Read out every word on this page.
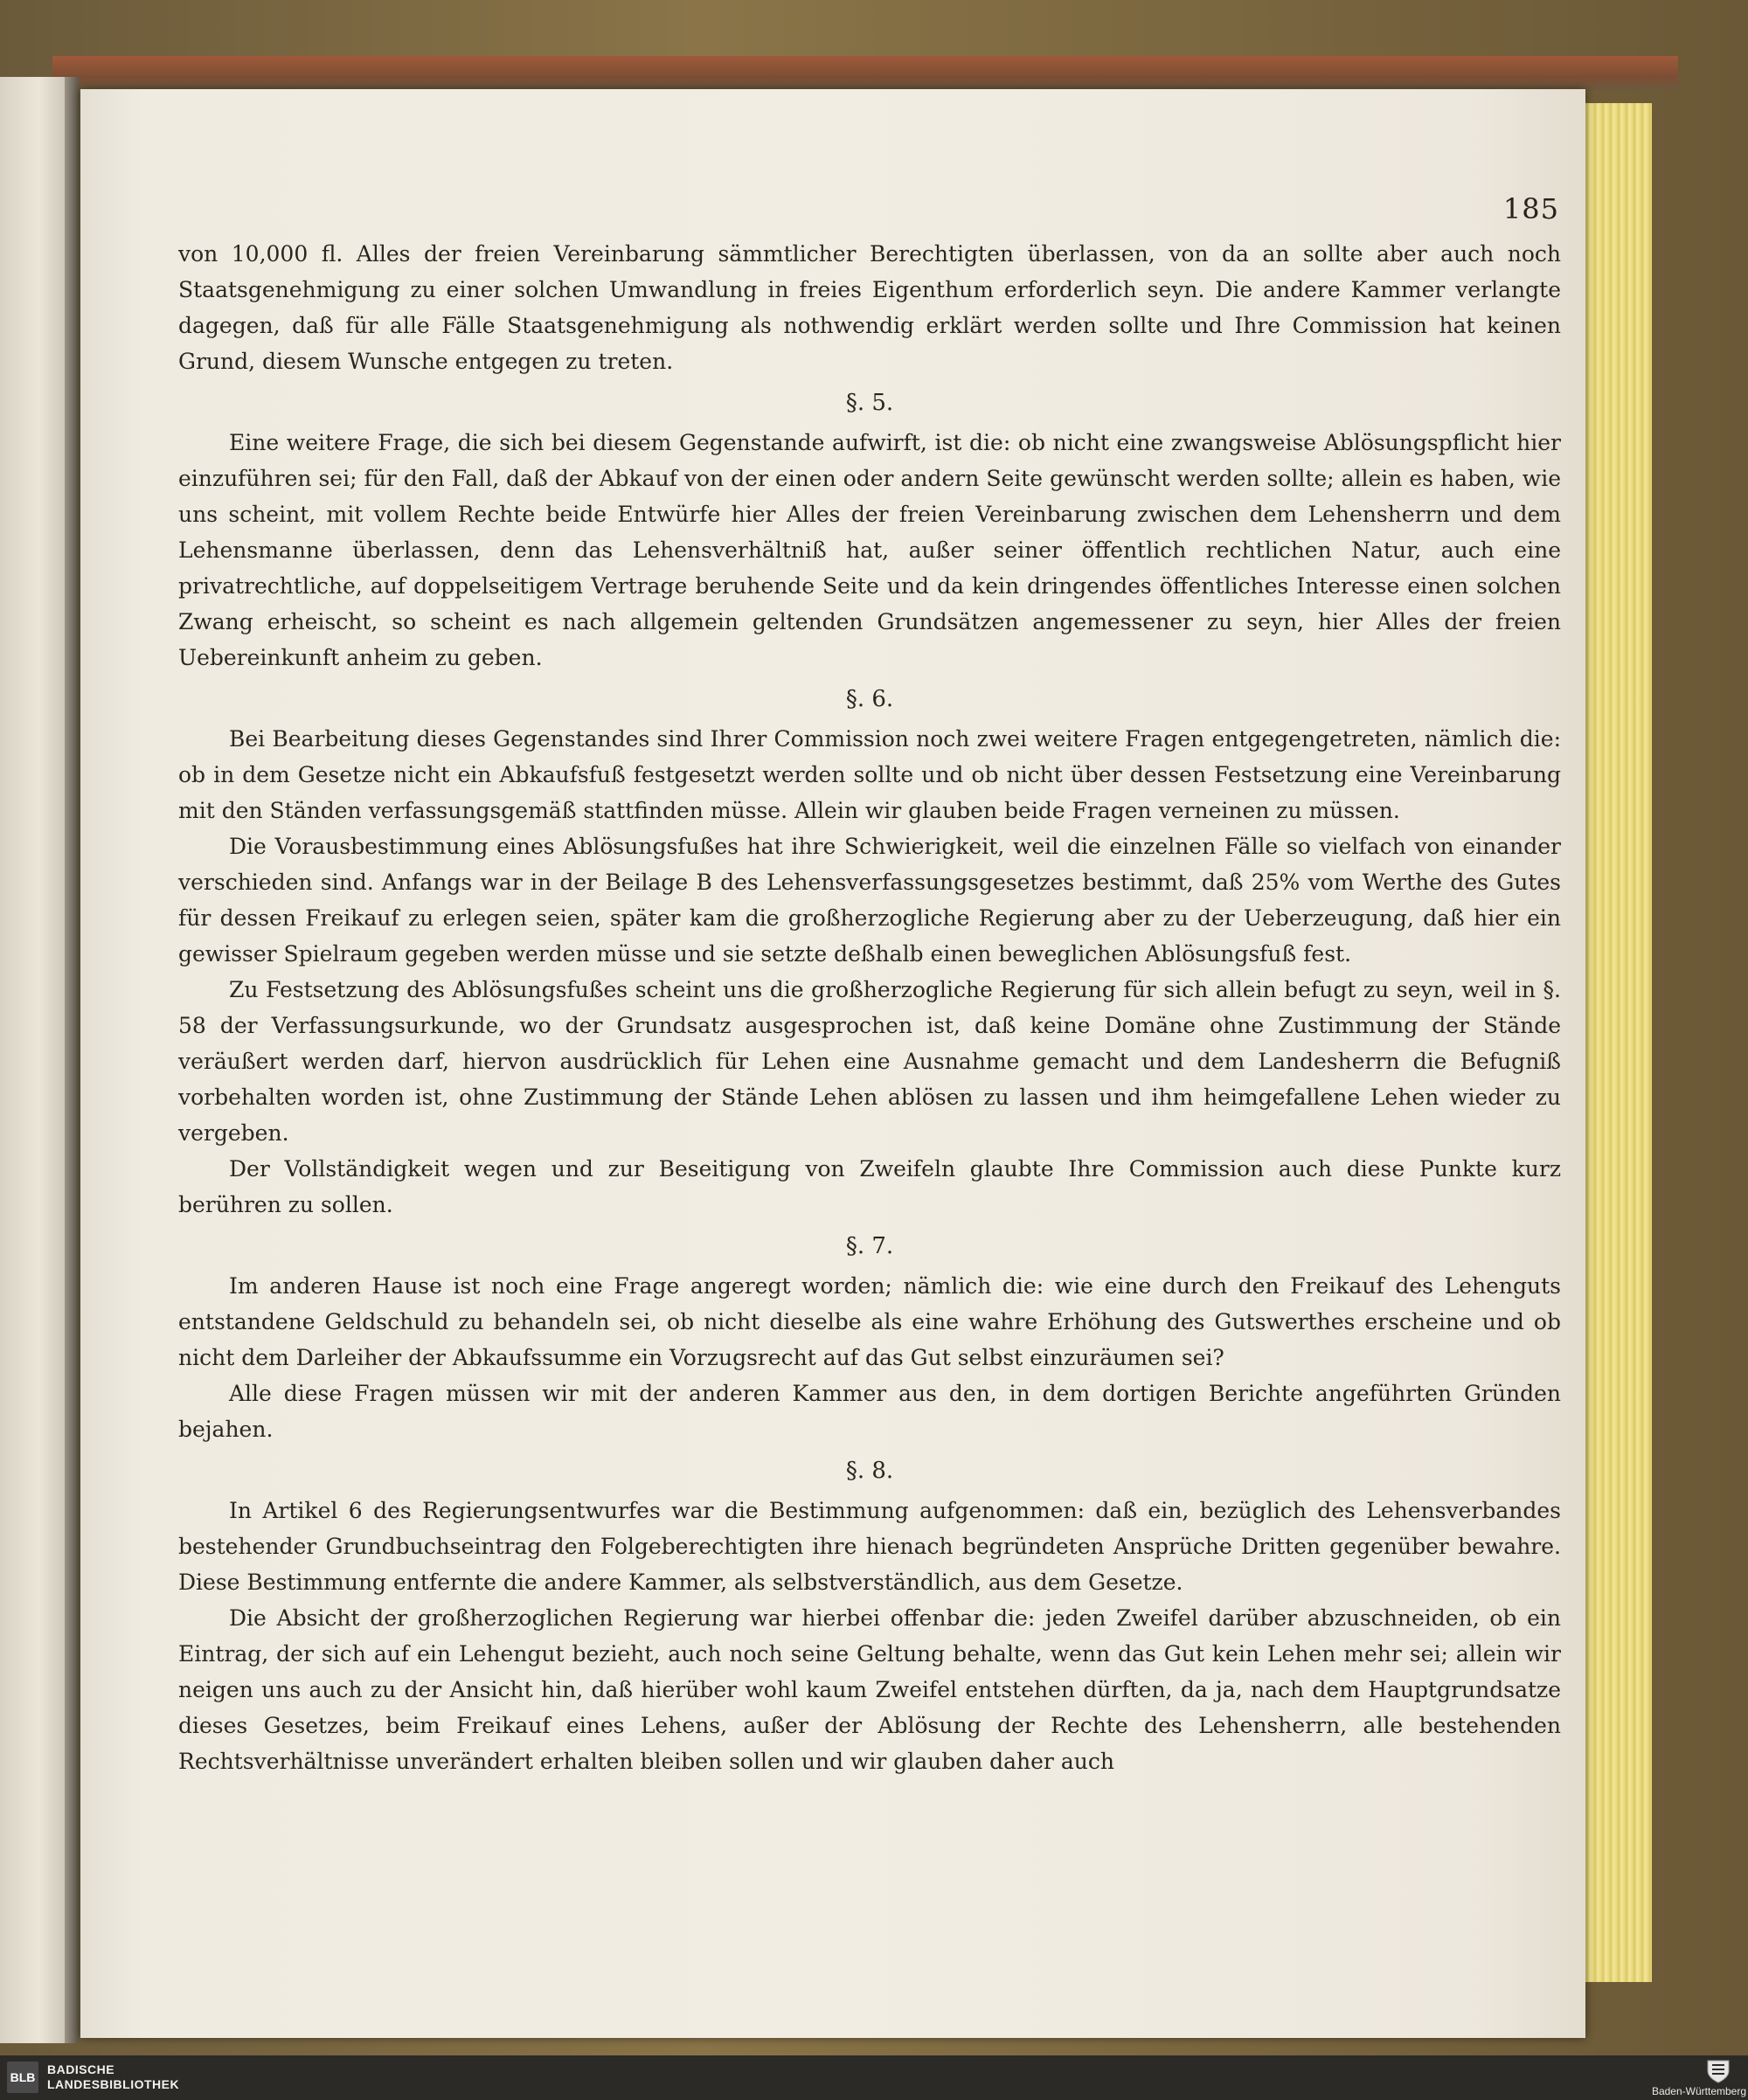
185

von 10,000 fl. Alles der freien Vereinbarung sämmtlicher Berechtigten überlassen, von da an sollte aber auch noch Staatsgenehmigung zu einer solchen Umwandlung in freies Eigenthum erforderlich seyn. Die andere Kammer verlangte dagegen, daß für alle Fälle Staatsgenehmigung als nothwendig erklärt werden sollte und Ihre Commission hat keinen Grund, diesem Wunsche entgegen zu treten.

§. 5.

Eine weitere Frage, die sich bei diesem Gegenstande aufwirft, ist die: ob nicht eine zwangsweise Ablösungspflicht hier einzuführen sei; für den Fall, daß der Abkauf von der einen oder andern Seite gewünscht werden sollte; allein es haben, wie uns scheint, mit vollem Rechte beide Entwürfe hier Alles der freien Vereinbarung zwischen dem Lehensherrn und dem Lehensmanne überlassen, denn das Lehensverhältniß hat, außer seiner öffentlich rechtlichen Natur, auch eine privatrechtliche, auf doppelseitigem Vertrage beruhende Seite und da kein dringendes öffentliches Interesse einen solchen Zwang erheischt, so scheint es nach allgemein geltenden Grundsätzen angemessener zu seyn, hier Alles der freien Uebereinkunft anheim zu geben.

§. 6.

Bei Bearbeitung dieses Gegenstandes sind Ihrer Commission noch zwei weitere Fragen entgegengetreten, nämlich die: ob in dem Gesetze nicht ein Abkaufsfuß festgesetzt werden sollte und ob nicht über dessen Festsetzung eine Vereinbarung mit den Ständen verfassungsgemäß stattfinden müsse. Allein wir glauben beide Fragen verneinen zu müssen.

Die Vorausbestimmung eines Ablösungsfußes hat ihre Schwierigkeit, weil die einzelnen Fälle so vielfach von einander verschieden sind. Anfangs war in der Beilage B des Lehensverfassungsgesetzes bestimmt, daß 25% vom Werthe des Gutes für dessen Freikauf zu erlegen seien, später kam die großherzogliche Regierung aber zu der Ueberzeugung, daß hier ein gewisser Spielraum gegeben werden müsse und sie setzte deßhalb einen beweglichen Ablösungsfuß fest.

Zu Festsetzung des Ablösungsfußes scheint uns die großherzogliche Regierung für sich allein befugt zu seyn, weil in §. 58 der Verfassungsurkunde, wo der Grundsatz ausgesprochen ist, daß keine Domäne ohne Zustimmung der Stände veräußert werden darf, hiervon ausdrücklich für Lehen eine Ausnahme gemacht und dem Landesherrn die Befugniß vorbehalten worden ist, ohne Zustimmung der Stände Lehen ablösen zu lassen und ihm heimgefallene Lehen wieder zu vergeben.

Der Vollständigkeit wegen und zur Beseitigung von Zweifeln glaubte Ihre Commission auch diese Punkte kurz berühren zu sollen.

§. 7.

Im anderen Hause ist noch eine Frage angeregt worden; nämlich die: wie eine durch den Freikauf des Lehenguts entstandene Geldschuld zu behandeln sei, ob nicht dieselbe als eine wahre Erhöhung des Gutswerthes erscheine und ob nicht dem Darleiher der Abkaufssumme ein Vorzugsrecht auf das Gut selbst einzuräumen sei?

Alle diese Fragen müssen wir mit der anderen Kammer aus den, in dem dortigen Berichte angeführten Gründen bejahen.

§. 8.

In Artikel 6 des Regierungsentwurfes war die Bestimmung aufgenommen: daß ein, bezüglich des Lehensverbandes bestehender Grundbuchseintrag den Folgeberechtigten ihre hienach begründeten Ansprüche Dritten gegenüber bewahre. Diese Bestimmung entfernte die andere Kammer, als selbstverständlich, aus dem Gesetze.

Die Absicht der großherzoglichen Regierung war hierbei offenbar die: jeden Zweifel darüber abzuschneiden, ob ein Eintrag, der sich auf ein Lehengut bezieht, auch noch seine Geltung behalte, wenn das Gut kein Lehen mehr sei; allein wir neigen uns auch zu der Ansicht hin, daß hierüber wohl kaum Zweifel entstehen dürften, da ja, nach dem Hauptgrundsatze dieses Gesetzes, beim Freikauf eines Lehens, außer der Ablösung der Rechte des Lehensherrn, alle bestehenden Rechtsverhältnisse unverändert erhalten bleiben sollen und wir glauben daher auch

BLB
BADISCHE
LANDESBIBLIOTHEK	Baden-Württemberg
